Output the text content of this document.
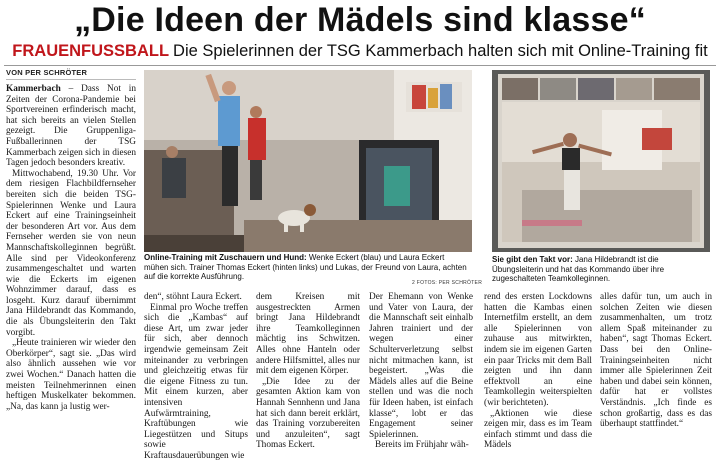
„Die Ideen der Mädels sind klasse“
FRAUENFUSSBALL Die Spielerinnen der TSG Kammerbach halten sich mit Online-Training fit
VON PER SCHRÖTER

Kammerbach – Dass Not in Zeiten der Corona-Pandemie bei Sportvereinen erfinderisch macht, hat sich bereits an vielen Stellen gezeigt. Die Gruppenliga-Fußballerinnen der TSG Kammerbach zeigen sich in diesen Tagen jedoch besonders kreativ.

Mittwochabend, 19.30 Uhr. Vor dem riesigen Flachbildfernseher bereiten sich die beiden TSG-Spielerinnen Wenke und Laura Eckert auf eine Trainingseinheit der besonderen Art vor. Aus dem Fernseher werden sie von neun Mannschaftskolleginnen begrüßt. Alle sind per Videokonferenz zusammengeschaltet und warten wie die Eckerts im eigenen Wohnzimmer darauf, dass es losgeht. Kurz darauf übernimmt Jana Hildebrandt das Kommando, die als Übungsleiterin den Takt vorgibt.

„Heute trainieren wir wieder den Oberkörper“, sagt sie. „Das wird also ähnlich aussehen wie vor zwei Wochen.“ Danach hatten die meisten Teilnehmerinnen einen heftigen Muskelkater bekommen. „Na, das kann ja lustig wer-

Online-Training mit Zuschauern und Hund: Wenke Eckert (blau) und Laura Eckert mühen sich. Trainer Thomas Eckert (hinten links) und Lukas, der Freund von Laura, achten auf die korrekte Ausführung.
2 FOTOS: PER SCHRÖTER
Sie gibt den Takt vor: Jana Hildebrandt ist die Übungsleiterin und hat das Kommando über ihre zugeschalteten Teamkolleginnen.

den“, stöhnt Laura Eckert.

Einmal pro Woche treffen sich die „Kambas“ auf diese Art, um zwar jeder für sich, aber dennoch irgendwie gemeinsam Zeit miteinander zu verbringen und gleichzeitig etwas für die eigene Fitness zu tun. Mit einem kurzen, aber intensiven Aufwärmtraining, Kraftübungen wie Liegestützen und Situps sowie Kraftausdauerübungen wie

dem Kreisen mit ausgestreckten Armen bringt Jana Hildebrandt ihre Teamkolleginnen mächtig ins Schwitzen. Alles ohne Hanteln oder andere Hilfsmittel, alles nur mit dem eigenen Körper.

„Die Idee zu der gesamten Aktion kam von Hannah Sennhenn und Jana hat sich dann bereit erklärt, das Training vorzubereiten und anzuleiten“, sagt Thomas Eckert.

Der Ehemann von Wenke und Vater von Laura, der die Mannschaft seit einhalb Jahren trainiert und der wegen einer Schulterverletzung selbst nicht mitmachen kann, ist begeistert. „Was die Mädels alles auf die Beine stellen und was die noch für Ideen haben, ist einfach klasse“, lobt er das Engagement seiner Spielerinnen.

Bereits im Frühjahr wäh-

rend des ersten Lockdowns hatten die Kambas einen Internetfilm erstellt, an dem alle Spielerinnen von zuhause aus mitwirkten, indem sie im eigenen Garten ein paar Tricks mit dem Ball zeigten und ihn dann effektvoll an eine Teamkollegin weiterspielten (wir berichteten).

„Aktionen wie diese zeigen mir, dass es im Team einfach stimmt und dass die Mädels

alles dafür tun, um auch in solchen Zeiten wie diesen zusammenhalten, um trotz allem Spaß miteinander zu haben“, sagt Thomas Eckert. Dass bei den Online-Trainingseinheiten nicht immer alle Spielerinnen Zeit haben und dabei sein können, dafür hat er vollstes Verständnis. „Ich finde es schon großartig, dass es das überhaupt stattfindet.“
